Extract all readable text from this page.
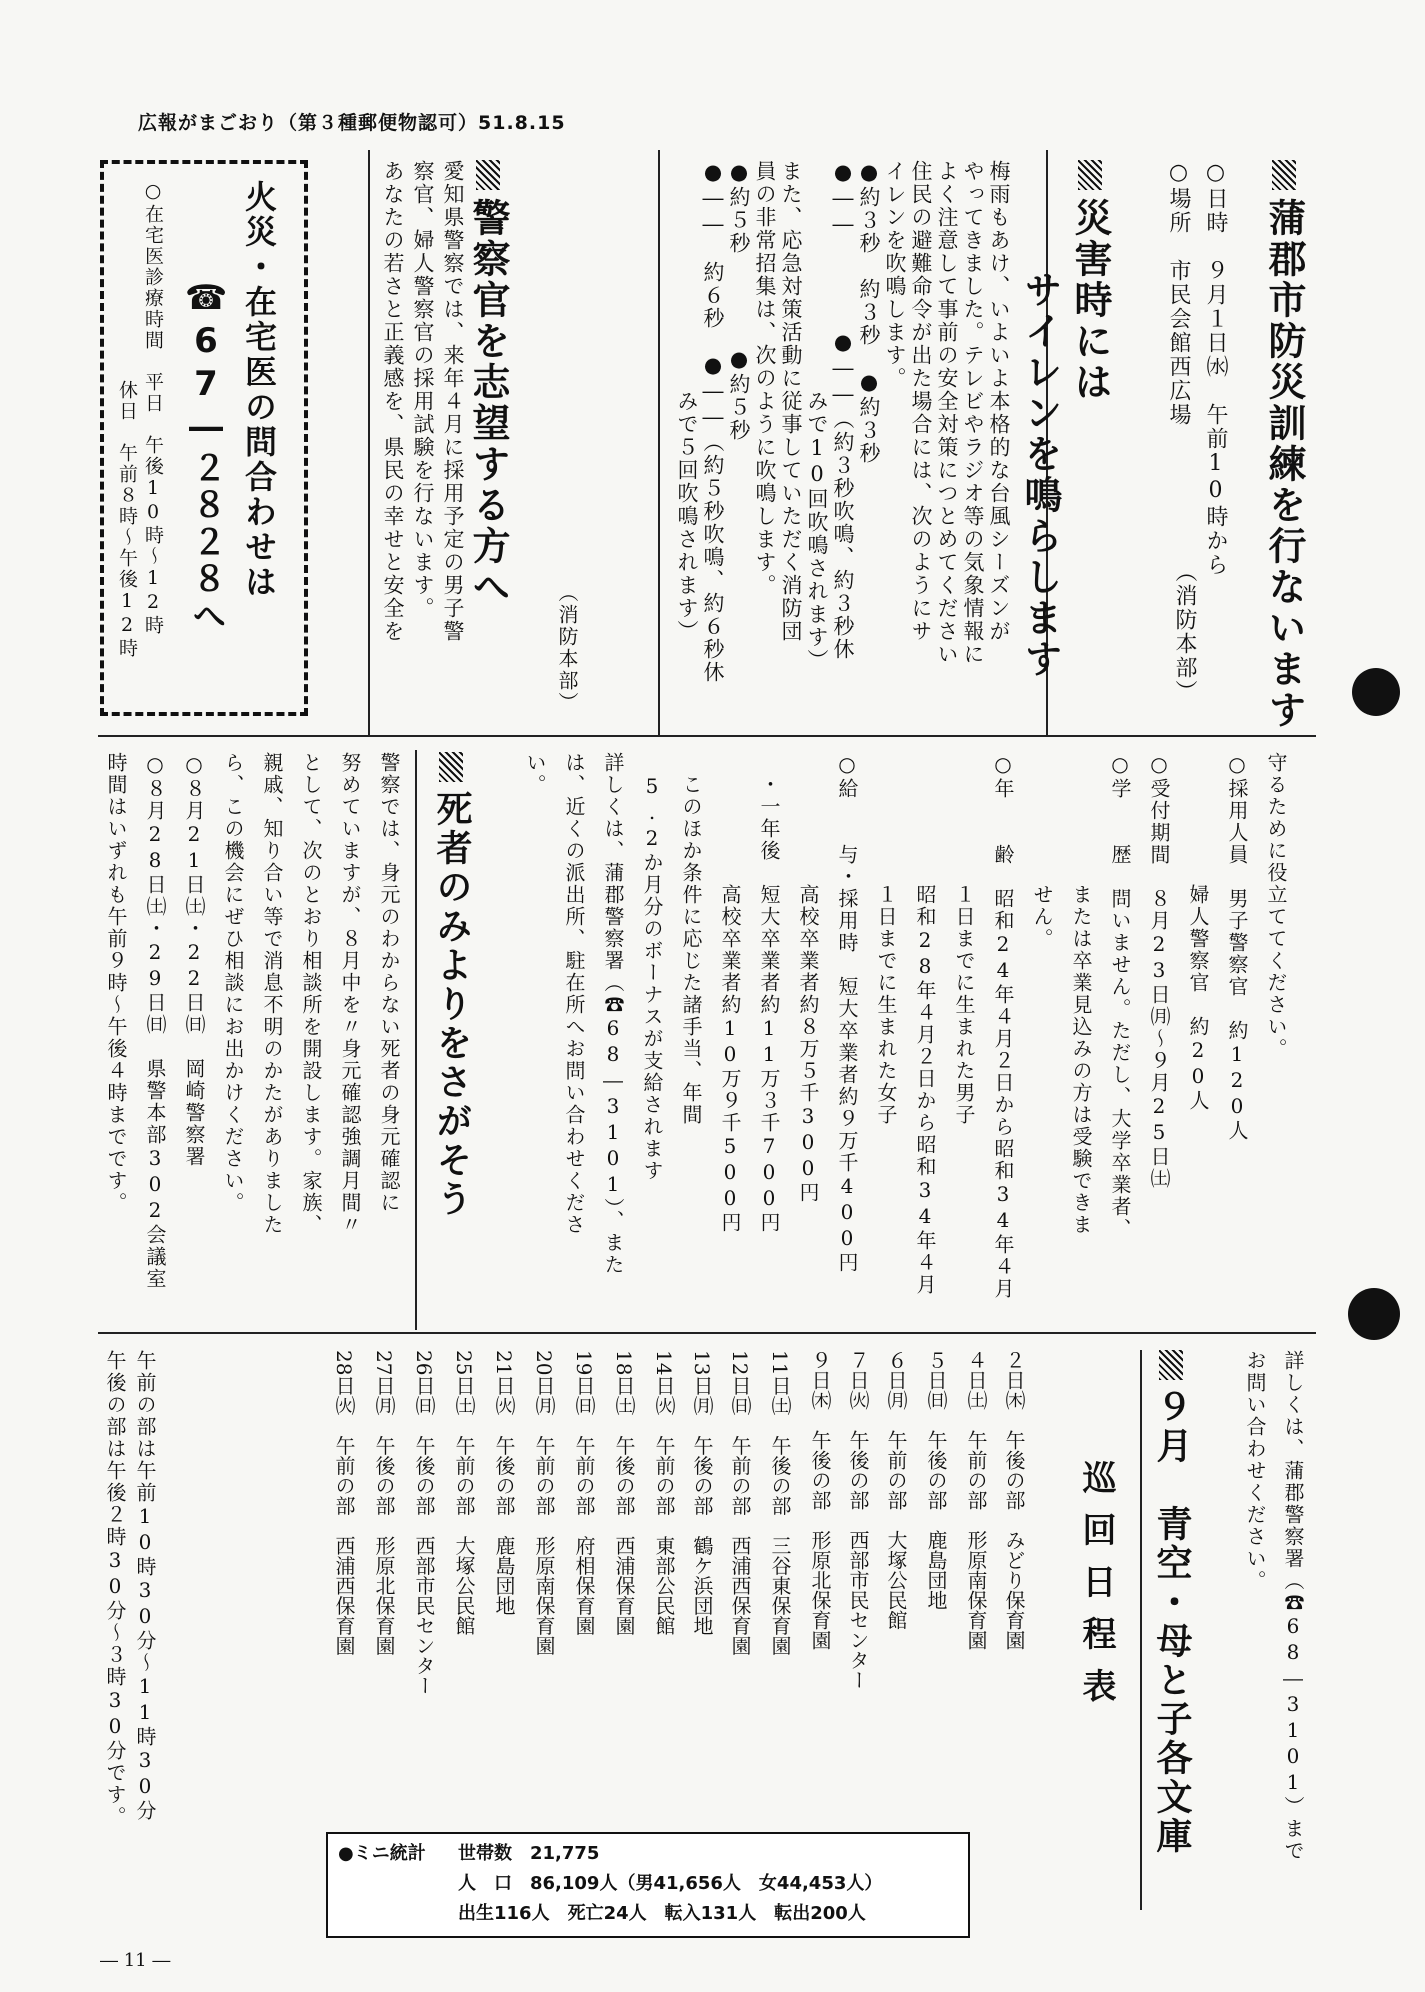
広報がまごおり（第３種郵便物認可）51.8.15
蒲郡市防災訓練を行ないます
○日時　９月１日㈬　午前10時から
○場所　市民会館西広場
（消防本部）
災害時には
サイレンを鳴らします
梅雨もあけ、いよいよ本格的な台風シーズンが
やってきました。テレビやラジオ等の気象情報に
よく注意して事前の安全対策につとめてください
住民の避難命令が出た場合には、次のようにサ
イレンを吹鳴します。
●約３秒　約３秒　●約３秒
●――　　　　●――（約３秒吹鳴、約３秒休
　　　　　　　　　　みで10回吹鳴されます）
また、応急対策活動に従事していただく消防団
員の非常招集は、次のように吹鳴します。
●約５秒　　　　●約５秒
●――　約６秒　●――（約５秒吹鳴、約６秒休
　　　　　　　　　　みで５回吹鳴されます）
（消防本部）
警察官を志望する方へ
愛知県警察では、来年４月に採用予定の男子警
察官、婦人警察官の採用試験を行ないます。
あなたの若さと正義感を、県民の幸せと安全を
火災・在宅医の問合わせは
☎67―２８２８へ
○在宅医診療時間　平日　午後10時～12時
休日　午前８時～午後12時
守るために役立ててください。
○採用人員　男子警察官　約120人
　　　　　　婦人警察官　約20人
○受付期間　８月23日㈪～９月25日㈯
○学　　歴　問いません。ただし、大学卒業者、
　　　　　　または卒業見込みの方は受験できま
　　　　　　せん。
○年　　齢　昭和24年４月２日から昭和34年４月
　　　　　　１日までに生まれた男子
　　　　　　昭和28年４月２日から昭和34年４月
　　　　　　１日までに生まれた女子
○給　　与・採用時　短大卒業者約９万千400円
　　　　　　高校卒業者約８万５千300円
　・一年後　短大卒業者約11万３千700円
　　　　　　高校卒業者約10万９千500円
　このほか条件に応じた諸手当、年間
　5.2か月分のボーナスが支給されます
詳しくは、蒲郡警察署（☎68―3101）、また
は、近くの派出所、駐在所へお問い合わせくださ
い。
死者のみよりをさがそう
警察では、身元のわからない死者の身元確認に
努めていますが、８月中を〃身元確認強調月間〃
として、次のとおり相談所を開設します。家族、
親戚、知り合い等で消息不明のかたがありました
ら、この機会にぜひ相談にお出かけください。
○８月21日㈯・22日㈰　岡崎警察署
○８月28日㈯・29日㈰　県警本部302会議室
時間はいずれも午前９時～午後４時までです。
詳しくは、蒲郡警察署（☎68―3101）まで
お問い合わせください。
９月　青空・母と子各文庫
巡回日程表
２日㈭　午後の部　みどり保育園
４日㈯　午前の部　形原南保育園
５日㈰　午後の部　鹿島団地
６日㈪　午前の部　大塚公民館
７日㈫　午後の部　西部市民センター
９日㈭　午後の部　形原北保育園
11日㈯　午後の部　三谷東保育園
12日㈰　午前の部　西浦西保育園
13日㈪　午後の部　鶴ケ浜団地
14日㈫　午前の部　東部公民館
18日㈯　午後の部　西浦保育園
19日㈰　午前の部　府相保育園
20日㈪　午前の部　形原南保育園
21日㈫　午後の部　鹿島団地
25日㈯　午前の部　大塚公民館
26日㈰　午後の部　西部市民センター
27日㈪　午後の部　形原北保育園
28日㈫　午前の部　西浦西保育園
午前の部は午前10時30分～11時30分
午後の部は午後２時30分～３時30分です。
●ミニ統計 世帯数　21,775
人　口　86,109人（男41,656人　女44,453人）
出生116人　死亡24人　転入131人　転出200人
― 11 ―
